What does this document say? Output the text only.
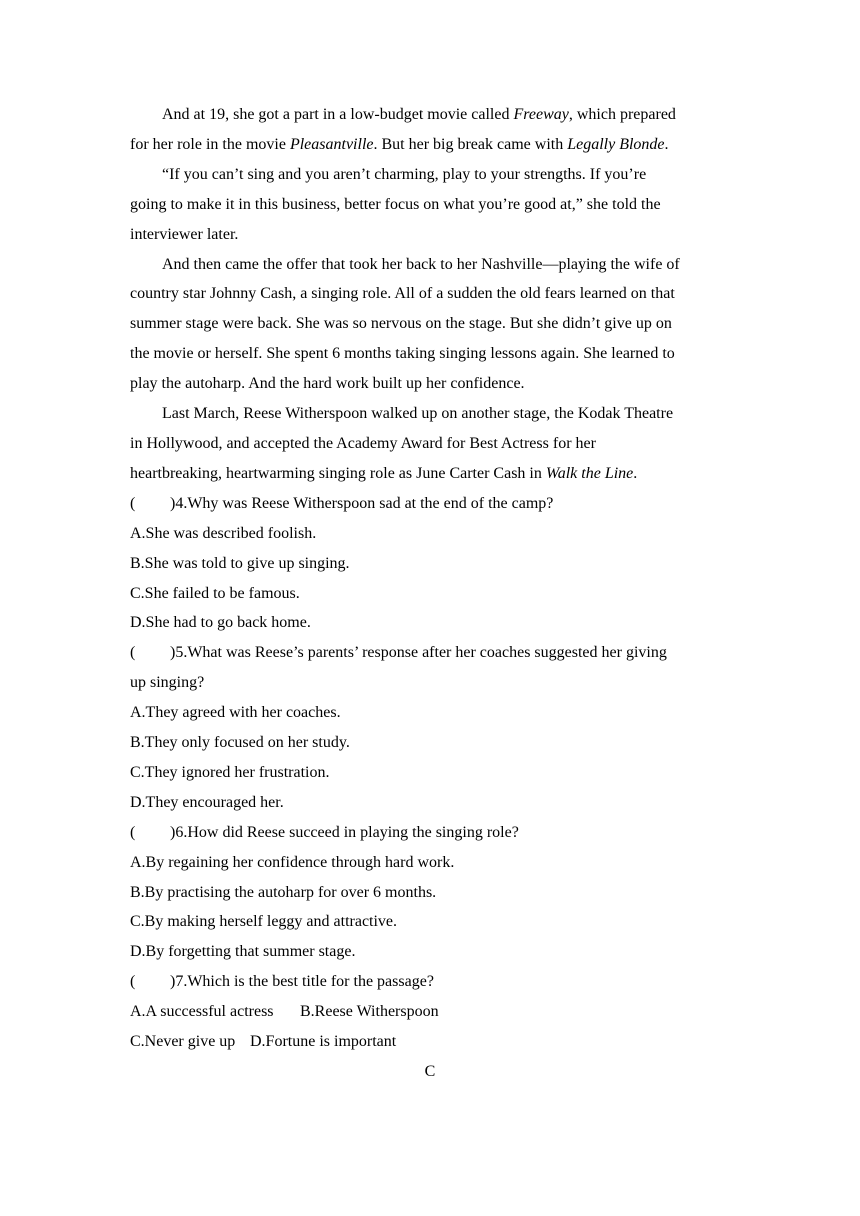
And at 19, she got a part in a low-budget movie called Freeway, which prepared

for her role in the movie Pleasantville. But her big break came with Legally Blonde.

“If you can’t sing and you aren’t charming, play to your strengths. If you’re

going to make it in this business, better focus on what you’re good at,” she told the

interviewer later.

And then came the offer that took her back to her Nashville—playing the wife of

country star Johnny Cash, a singing role. All of a sudden the old fears learned on that

summer stage were back. She was so nervous on the stage. But she didn’t give up on

the movie or herself. She spent 6 months taking singing lessons again. She learned to

play the autoharp. And the hard work built up her confidence.

Last March, Reese Witherspoon walked up on another stage, the Kodak Theatre

in Hollywood, and accepted the Academy Award for Best Actress for her

heartbreaking, heartwarming singing role as June Carter Cash in Walk the Line.

( )4.Why was Reese Witherspoon sad at the end of the camp?

A.She was described foolish.

B.She was told to give up singing.

C.She failed to be famous.

D.She had to go back home.

( )5.What was Reese’s parents’ response after her coaches suggested her giving

up singing?

A.They agreed with her coaches.

B.They only focused on her study.

C.They ignored her frustration.

D.They encouraged her.

( )6.How did Reese succeed in playing the singing role?

A.By regaining her confidence through hard work.

B.By practising the autoharp for over 6 months.

C.By making herself leggy and attractive.

D.By forgetting that summer stage.

( )7.Which is the best title for the passage?

A.A successful actress B.Reese Witherspoon

C.Never give up D.Fortune is important

C
